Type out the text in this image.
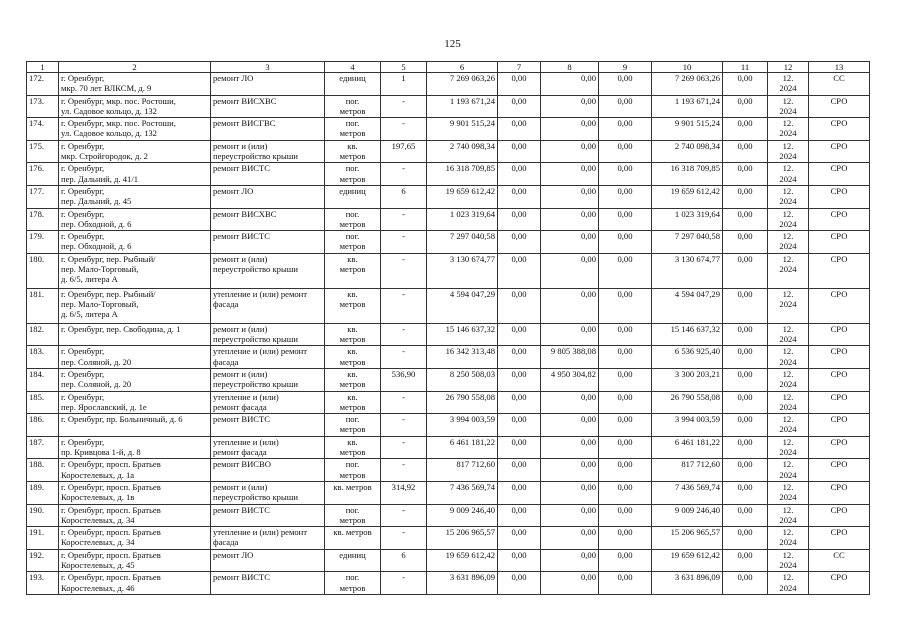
125
1	2	3	4	5	6	7	8	9	10	11	12	13
172.	г. Оренбург,
мкр. 70 лет ВЛКСМ, д. 9	ремонт ЛО	единиц	1	7 269 063,26	0,00	0,00	0,00	7 269 063,26	0,00	12.
2024	СС
173.	г. Оренбург, мкр. пос. Ростоши,
ул. Садовое кольцо, д. 132	ремонт ВИСХВС	пог.
метров	-	1 193 671,24	0,00	0,00	0,00	1 193 671,24	0,00	12.
2024	СРО
174.	г. Оренбург, мкр. пос. Ростоши,
ул. Садовое кольцо, д. 132	ремонт ВИСГВС	пог.
метров	-	9 901 515,24	0,00	0,00	0,00	9 901 515,24	0,00	12.
2024	СРО
175.	г. Оренбург,
мкр. Стройгородок, д. 2	ремонт и (или)
переустройство крыши	кв.
метров	197,65	2 740 098,34	0,00	0,00	0,00	2 740 098,34	0,00	12.
2024	СРО
176.	г. Оренбург,
пер. Дальний, д. 41/1	ремонт ВИСТС	пог.
метров	-	16 318 709,85	0,00	0,00	0,00	16 318 709,85	0,00	12.
2024	СРО
177.	г. Оренбург,
пер. Дальний, д. 45	ремонт ЛО	единиц	6	19 659 612,42	0,00	0,00	0,00	19 659 612,42	0,00	12.
2024	СРО
178.	г. Оренбург,
пер. Обходной, д. 6	ремонт ВИСХВС	пог.
метров	-	1 023 319,64	0,00	0,00	0,00	1 023 319,64	0,00	12.
2024	СРО
179.	г. Оренбург,
пер. Обходной, д. 6	ремонт ВИСТС	пог.
метров	-	7 297 040,58	0,00	0,00	0,00	7 297 040,58	0,00	12.
2024	СРО
180.	г. Оренбург, пер. Рыбный/
пер. Мало-Торговый,
д. 6/5, литера А	ремонт и (или)
переустройство крыши	кв.
метров	-	3 130 674,77	0,00	0,00	0,00	3 130 674,77	0,00	12.
2024	СРО
181.	г. Оренбург, пер. Рыбный/
пер. Мало-Торговый,
д. 6/5, литера А	утепление и (или) ремонт
фасада	кв.
метров	-	4 594 047,29	0,00	0,00	0,00	4 594 047,29	0,00	12.
2024	СРО
182.	г. Оренбург, пер. Свободина, д. 1	ремонт и (или)
переустройство крыши	кв.
метров	-	15 146 637,32	0,00	0,00	0,00	15 146 637,32	0,00	12.
2024	СРО
183.	г. Оренбург,
пер. Соляной, д. 20	утепление и (или) ремонт
фасада	кв.
метров	-	16 342 313,48	0,00	9 805 388,08	0,00	6 536 925,40	0,00	12.
2024	СРО
184.	г. Оренбург,
пер. Соляной, д. 20	ремонт и (или)
переустройство крыши	кв.
метров	536,90	8 250 508,03	0,00	4 950 304,82	0,00	3 300 203,21	0,00	12.
2024	СРО
185.	г. Оренбург,
пер. Ярославский, д. 1е	утепление и (или)
ремонт фасада	кв.
метров	-	26 790 558,08	0,00	0,00	0,00	26 790 558,08	0,00	12.
2024	СРО
186.	г. Оренбург, пр. Больничный, д. 6	ремонт ВИСТС	пог.
метров	-	3 994 003,59	0,00	0,00	0,00	3 994 003,59	0,00	12.
2024	СРО
187.	г. Оренбург,
пр. Кривцова 1-й, д. 8	утепление и (или)
ремонт фасада	кв.
метров	-	6 461 181,22	0,00	0,00	0,00	6 461 181,22	0,00	12.
2024	СРО
188.	г. Оренбург, просп. Братьев
Коростелевых, д. 1а	ремонт ВИСВО	пог.
метров	-	817 712,60	0,00	0,00	0,00	817 712,60	0,00	12.
2024	СРО
189.	г. Оренбург, просп. Братьев
Коростелевых, д. 1в	ремонт и (или)
переустройство крыши	кв. метров	314,92	7 436 569,74	0,00	0,00	0,00	7 436 569,74	0,00	12.
2024	СРО
190.	г. Оренбург, просп. Братьев
Коростелевых, д. 34	ремонт ВИСТС	пог.
метров	-	9 009 246,40	0,00	0,00	0,00	9 009 246,40	0,00	12.
2024	СРО
191.	г. Оренбург, просп. Братьев
Коростелевых, д. 34	утепление и (или) ремонт
фасада	кв. метров	-	15 206 965,57	0,00	0,00	0,00	15 206 965,57	0,00	12.
2024	СРО
192.	г. Оренбург, просп. Братьев
Коростелевых, д. 45	ремонт ЛО	единиц	6	19 659 612,42	0,00	0,00	0,00	19 659 612,42	0,00	12.
2024	СС
193.	г. Оренбург, просп. Братьев
Коростелевых, д. 46	ремонт ВИСТС	пог.
метров	-	3 631 896,09	0,00	0,00	0,00	3 631 896,09	0,00	12.
2024	СРО
